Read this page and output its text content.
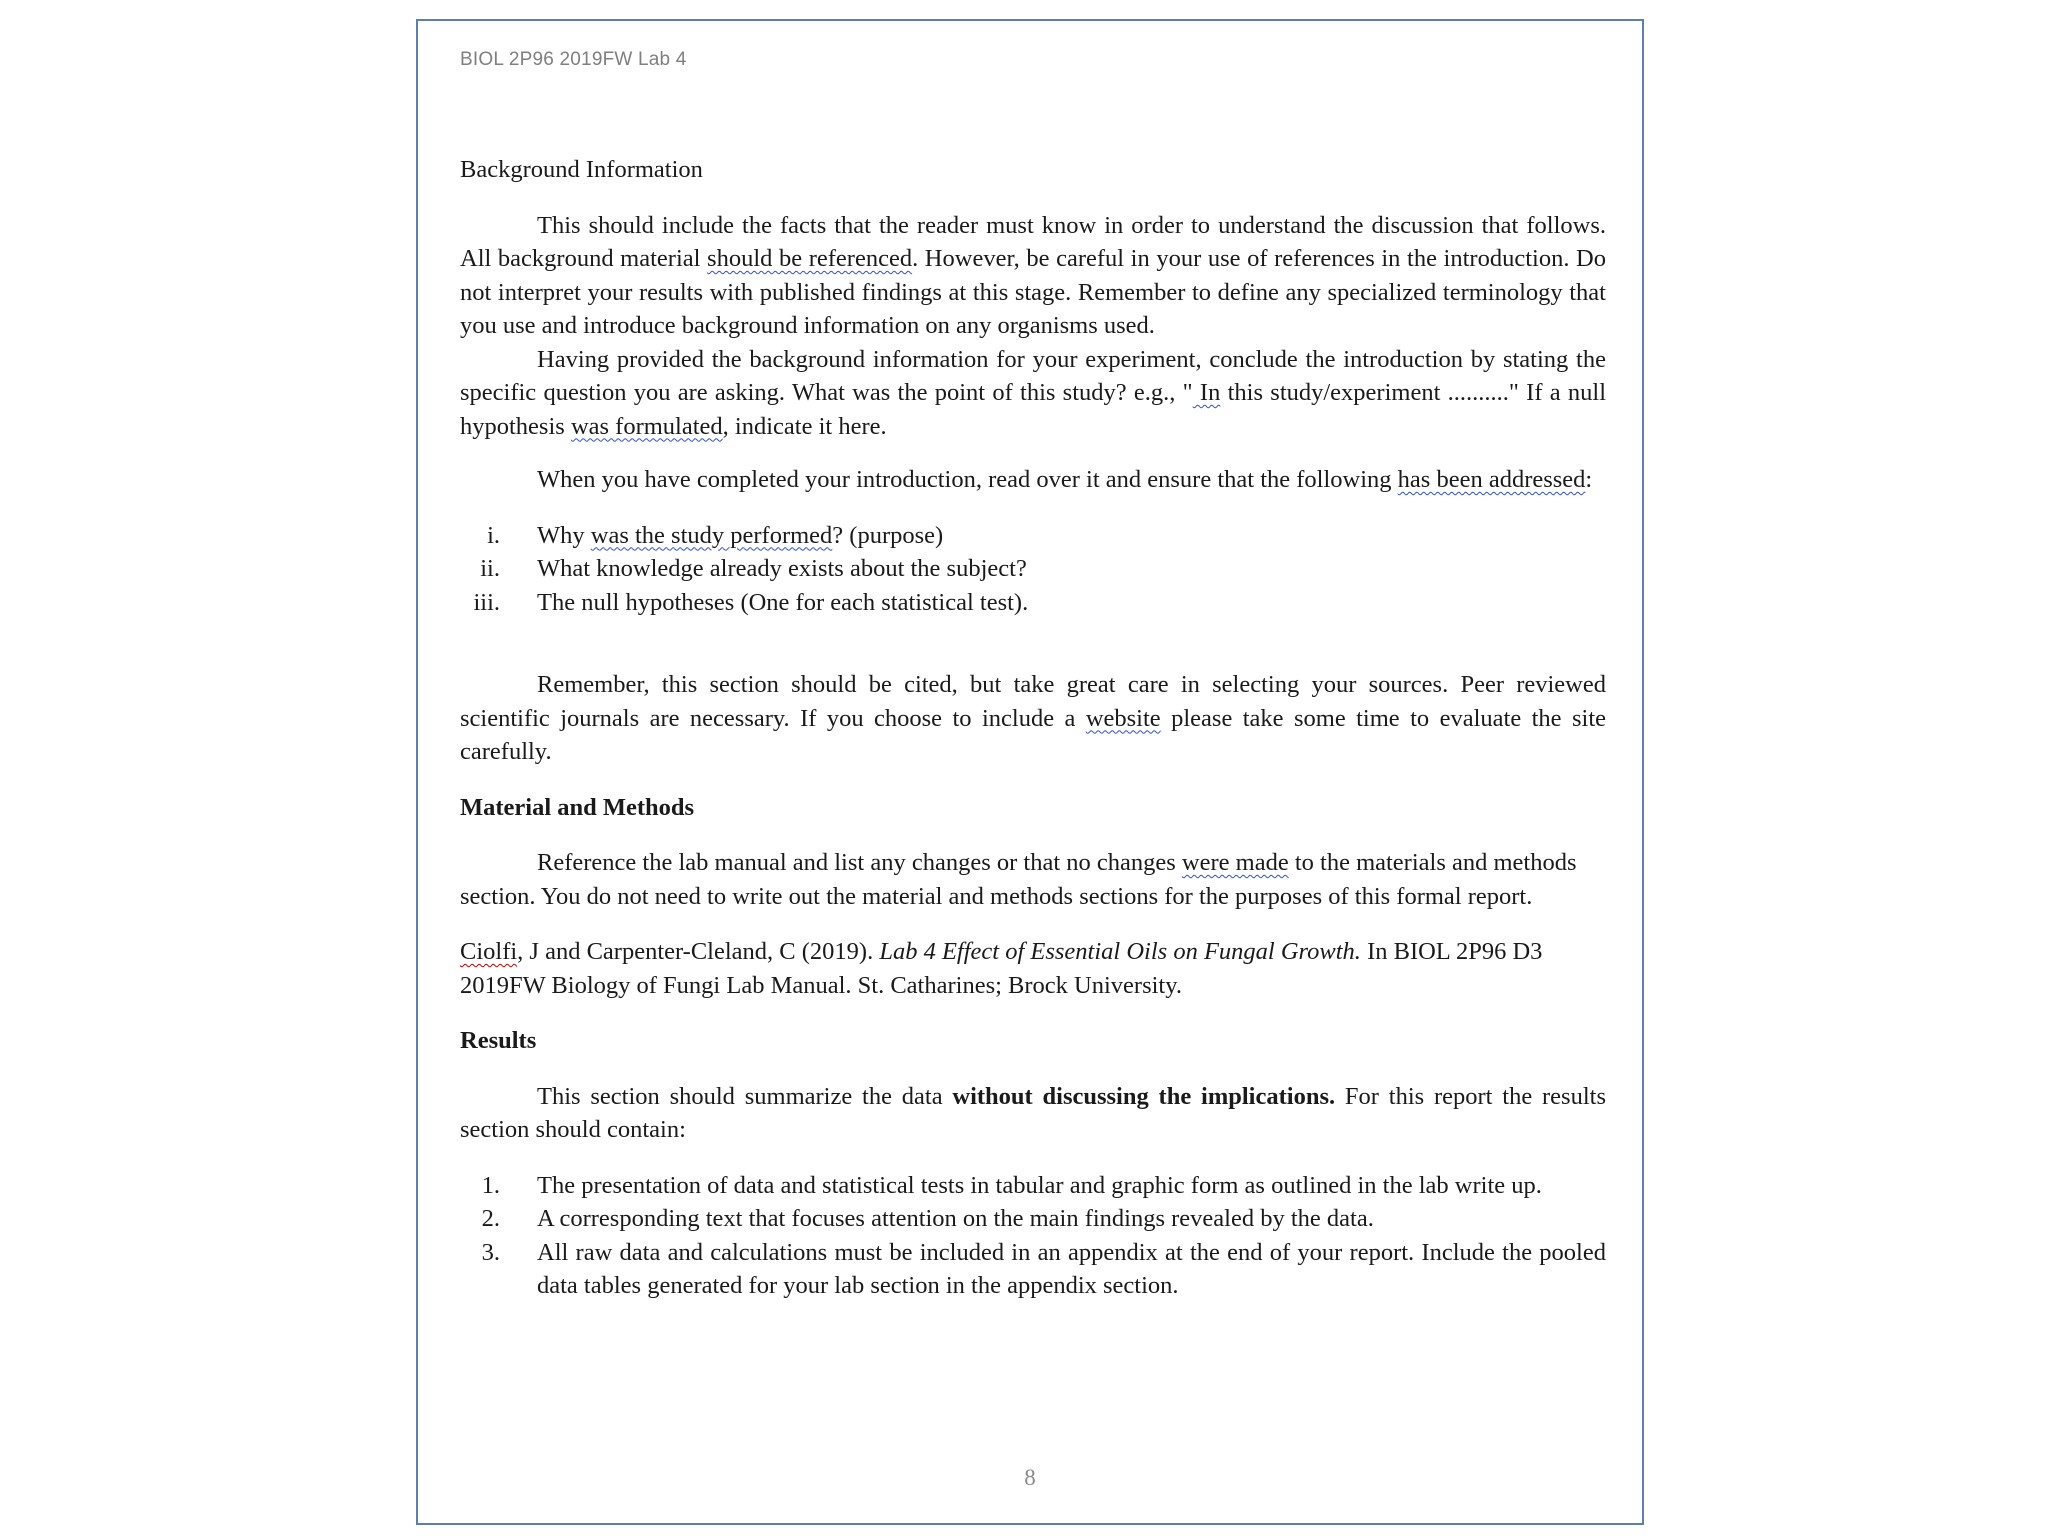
BIOL 2P96 2019FW Lab 4

Background Information

This should include the facts that the reader must know in order to understand the discussion that follows. All background material should be referenced. However, be careful in your use of references in the introduction. Do not interpret your results with published findings at this stage. Remember to define any specialized terminology that you use and introduce background information on any organisms used.

Having provided the background information for your experiment, conclude the introduction by stating the specific question you are asking. What was the point of this study? e.g., " In this study/experiment .........." If a null hypothesis was formulated, indicate it here.

When you have completed your introduction, read over it and ensure that the following has been addressed:

i. Why was the study performed? (purpose)
ii. What knowledge already exists about the subject?
iii. The null hypotheses (One for each statistical test).

Remember, this section should be cited, but take great care in selecting your sources. Peer reviewed scientific journals are necessary. If you choose to include a website please take some time to evaluate the site carefully.

Material and Methods

Reference the lab manual and list any changes or that no changes were made to the materials and methods section. You do not need to write out the material and methods sections for the purposes of this formal report.

Ciolfi, J and Carpenter-Cleland, C (2019). Lab 4 Effect of Essential Oils on Fungal Growth. In BIOL 2P96 D3 2019FW Biology of Fungi Lab Manual. St. Catharines; Brock University.

Results

This section should summarize the data without discussing the implications. For this report the results section should contain:

1. The presentation of data and statistical tests in tabular and graphic form as outlined in the lab write up.
2. A corresponding text that focuses attention on the main findings revealed by the data.
3. All raw data and calculations must be included in an appendix at the end of your report. Include the pooled data tables generated for your lab section in the appendix section.
8
